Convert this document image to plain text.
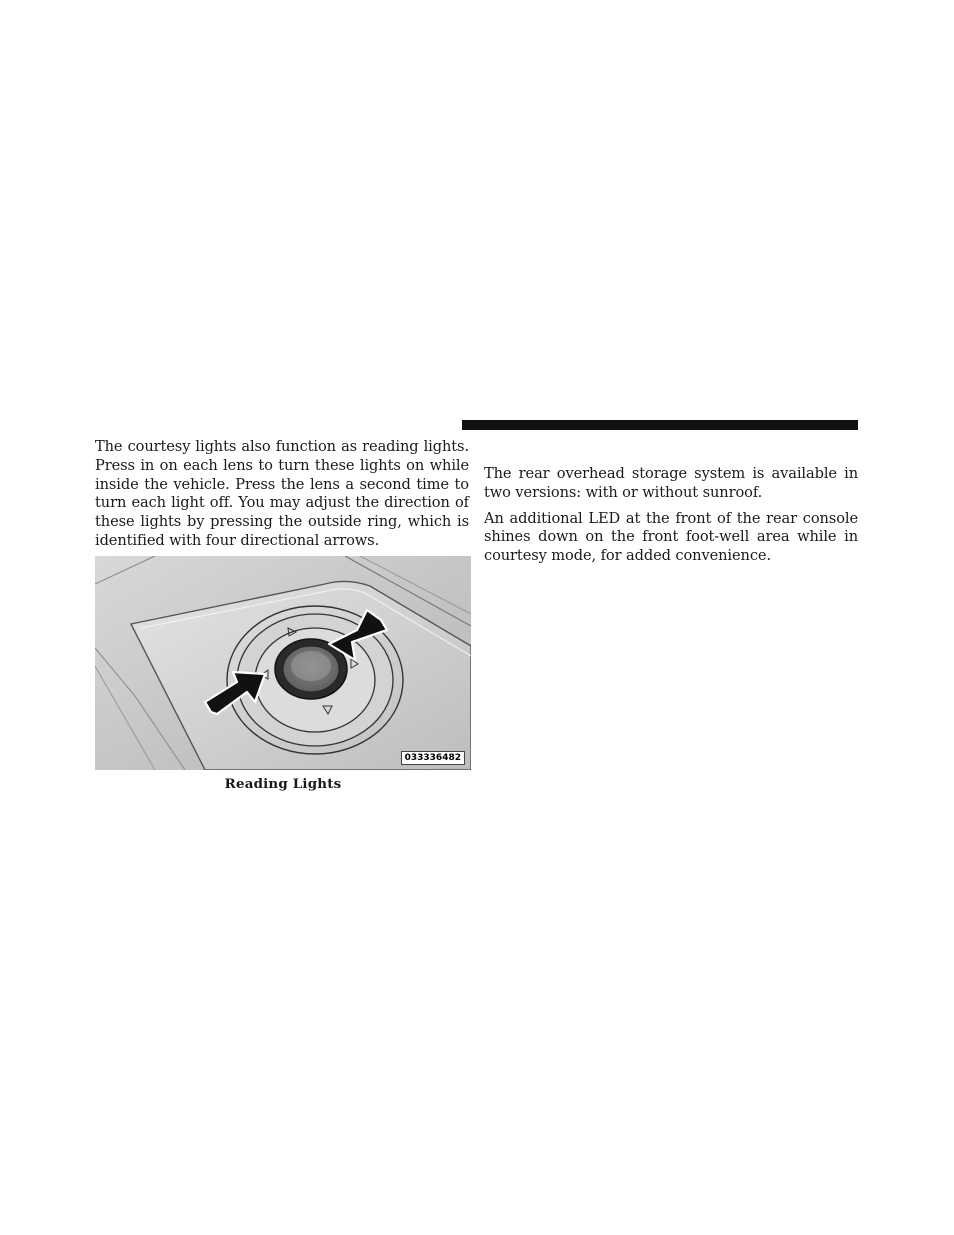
The courtesy lights also function as reading lights. Press in on each lens to turn these lights on while inside the vehicle. Press the lens a second time to turn each light off. You may adjust the direction of these lights by pressing the outside ring, which is identified with four directional arrows.

The rear overhead storage system is available in two versions: with or without sunroof.

An additional LED at the front of the rear console shines down on the front foot-well area while in courtesy mode, for added convenience.

033336482
Reading Lights
